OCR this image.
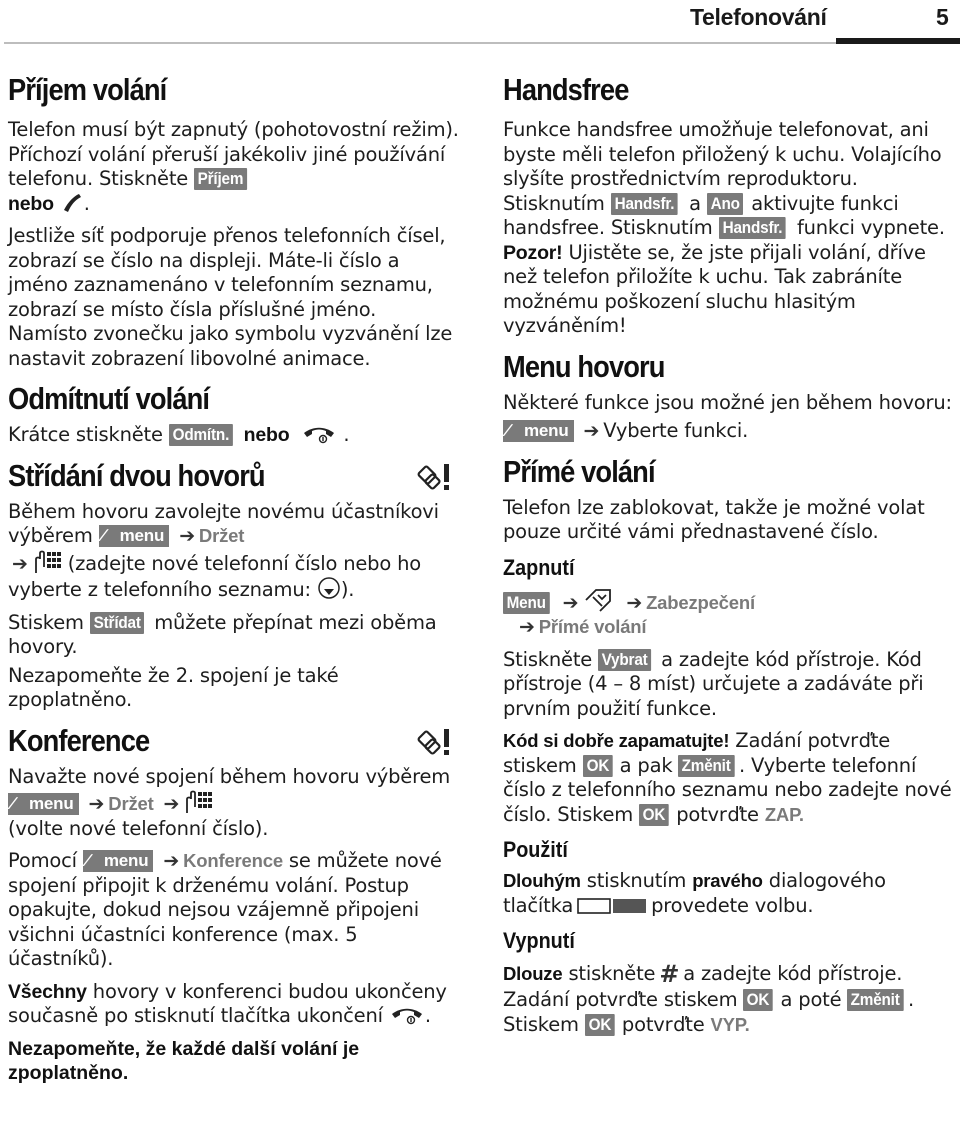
Telefonování	5
Příjem volání

Telefon musí být zapnutý (pohotovostní režim). Příchozí volání přeruší jakékoliv jiné používání telefonu. Stiskněte Příjem
nebo .

Jestliže síť podporuje přenos telefonních čísel, zobrazí se číslo na displeji. Máte-li číslo a jméno zaznamenáno v telefonním seznamu, zobrazí se místo čísla příslušné jméno. Namísto zvonečku jako symbolu vyzvánění lze nastavit zobrazení libovolné animace.

Odmítnutí volání

Krátce stiskněte Odmítn. nebo   .

Střídání dvou hovorů

Během hovoru zavolejte novému účastníkovi výběrem ∕ menu ➔ Držet
➔ (zadejte nové telefonní číslo nebo ho vyberte z telefonního seznamu: ).

Stiskem Střídat můžete přepínat mezi oběma hovory.

Nezapomeňte že 2. spojení je také zpoplatněno.

Konference

Navažte nové spojení během hovoru výběrem ∕ menu ➔ Držet ➔
(volte nové telefonní číslo).

Pomocí ∕ menu ➔ Konference se můžete nové spojení připojit k drženému volání. Postup opakujte, dokud nejsou vzájemně připojeni všichni účastníci konference (max. 5 účastníků).

Všechny hovory v konferenci budou ukončeny současně po stisknutí tlačítka ukončení .

Nezapomeňte, že každé další volání je zpoplatněno.

Handsfree

Funkce handsfree umožňuje telefonovat, ani byste měli telefon přiložený k uchu. Volajícího slyšíte prostřednictvím reproduktoru. Stisknutím Handsfr. a Ano aktivujte funkci handsfree. Stisknutím Handsfr. funkci vypnete. Pozor! Ujistěte se, že jste přijali volání, dříve než telefon přiložíte k uchu. Tak zabráníte možnému poškození sluchu hlasitým vyzváněním!

Menu hovoru

Některé funkce jsou možné jen během hovoru:

∕ menu ➔ Vyberte funkci.

Přímé volání

Telefon lze zablokovat, takže je možné volat pouze určité vámi přednastavené číslo.

Zapnutí

Menu ➔	➔ Zabezpečení
➔ Přímé volání

Stiskněte Vybrat a zadejte kód přístroje. Kód přístroje (4 – 8 míst) určujete a zadáváte při prvním použití funkce.

Kód si dobře zapamatujte! Zadání potvrďte stiskem OK a pak Změnit . Vyberte telefonní číslo z telefonního seznamu nebo zadejte nové číslo. Stiskem OK potvrďte ZAP.

Použití

Dlouhým stisknutím pravého dialogového tlačítka	provedete volbu.

Vypnutí

Dlouze stiskněte # a zadejte kód přístroje. Zadání potvrďte stiskem OK a poté Změnit . Stiskem OK potvrďte VYP.
